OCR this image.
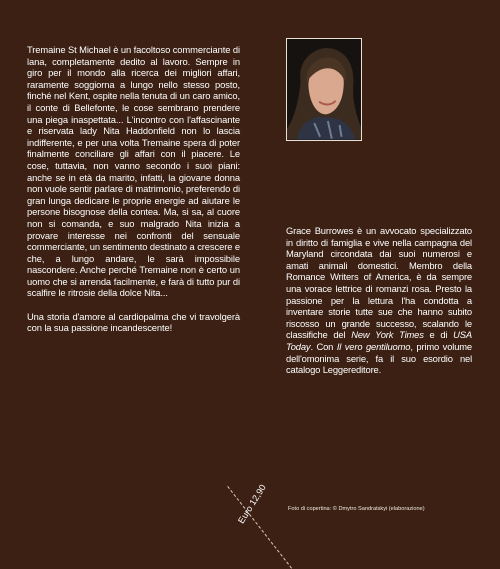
Tremaine St Michael è un facoltoso commerciante di lana, completamente dedito al lavoro. Sempre in giro per il mondo alla ricerca dei migliori affari, raramente soggiorna a lungo nello stesso posto, finché nel Kent, ospite nella tenuta di un caro amico, il conte di Bellefonte, le cose sembrano prendere una piega inaspettata... L'incontro con l'affascinante e riservata lady Nita Haddonfield non lo lascia indifferente, e per una volta Tremaine spera di poter finalmente conciliare gli affari con il piacere. Le cose, tuttavia, non vanno secondo i suoi piani: anche se in età da marito, infatti, la giovane donna non vuole sentir parlare di matrimonio, preferendo di gran lunga dedicare le proprie energie ad aiutare le persone bisognose della contea. Ma, si sa, al cuore non si comanda, e suo malgrado Nita inizia a provare interesse nei confronti del sensuale commerciante, un sentimento destinato a crescere e che, a lungo andare, le sarà impossibile nascondere. Anche perché Tremaine non è certo un uomo che si arrenda facilmente, e farà di tutto pur di scalfire le ritrosie della dolce Nita...

Una storia d'amore al cardiopalma che vi travolgerà con la sua passione incandescente!

Grace Burrowes è un avvocato specializzato in diritto di famiglia e vive nella campagna del Maryland circondata dai suoi numerosi e amati animali domestici. Membro della Romance Writers of America, è da sempre una vorace lettrice di romanzi rosa. Presto la passione per la lettura l'ha condotta a inventare storie tutte sue che hanno subito riscosso un grande successo, scalando le classifiche del New York Times e di USA Today. Con Il vero gentiluomo, primo volume dell'omonima serie, fa il suo esordio nel catalogo Leggereditore.
Euro 12,90	Foto di copertina: © Dmytro Sandratskyi (elaborazione)
